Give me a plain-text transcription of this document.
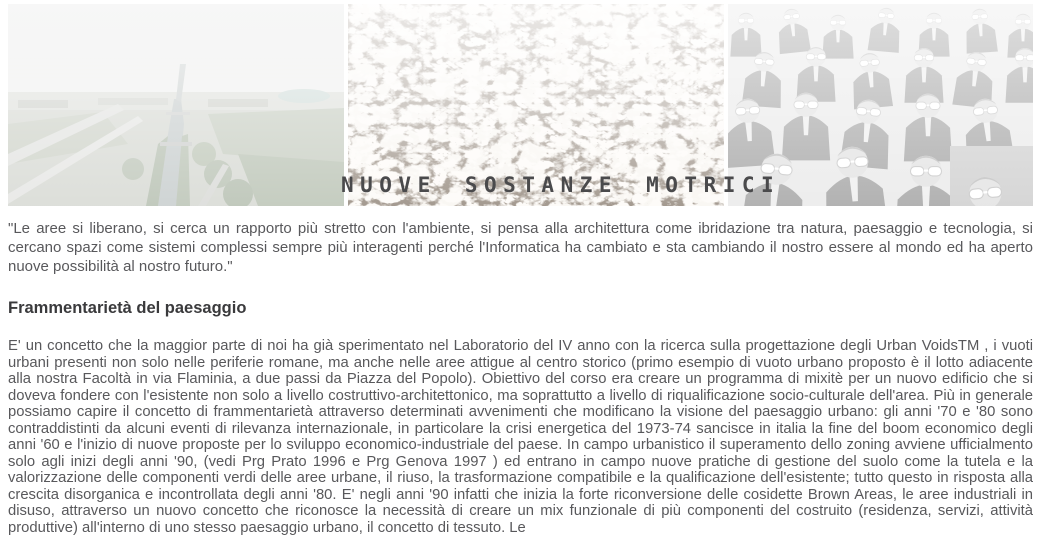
NUOVE SOSTANZE MOTRICI

"Le aree si liberano, si cerca un rapporto più stretto con l'ambiente, si pensa alla architettura come ibridazione tra natura, paesaggio e tecnologia, si cercano spazi come sistemi complessi sempre più interagenti perché l'Informatica ha cambiato e sta cambiando il nostro essere al mondo ed ha aperto nuove possibilità al nostro futuro."

Frammentarietà del paesaggio

E' un concetto che la maggior parte di noi ha già sperimentato nel Laboratorio del IV anno con la ricerca sulla progettazione degli Urban VoidsTM , i vuoti urbani presenti non solo nelle periferie romane, ma anche nelle aree attigue al centro storico (primo esempio di vuoto urbano proposto è il lotto adiacente alla nostra Facoltà in via Flaminia, a due passi da Piazza del Popolo). Obiettivo del corso era creare un programma di mixitè per un nuovo edificio che si doveva fondere con l'esistente non solo a livello costruttivo-architettonico, ma soprattutto a livello di riqualificazione socio-culturale dell'area. Più in generale possiamo capire il concetto di frammentarietà attraverso determinati avvenimenti che modificano la visione del paesaggio urbano: gli anni '70 e '80 sono contraddistinti da alcuni eventi di rilevanza internazionale, in particolare la crisi energetica del 1973-74 sancisce in italia la fine del boom economico degli anni '60 e l'inizio di nuove proposte per lo sviluppo economico-industriale del paese. In campo urbanistico il superamento dello zoning avviene ufficialmento solo agli inizi degli anni '90, (vedi Prg Prato 1996 e Prg Genova 1997 ) ed entrano in campo nuove pratiche di gestione del suolo come la tutela e la valorizzazione delle componenti verdi delle aree urbane, il riuso, la trasformazione compatibile e la qualificazione dell'esistente; tutto questo in risposta alla crescita disorganica e incontrollata degli anni '80. E' negli anni '90 infatti che inizia la forte riconversione delle cosidette Brown Areas, le aree industriali in disuso, attraverso un nuovo concetto che riconosce la necessità di creare un mix funzionale di più componenti del costruito (residenza, servizi, attività produttive) all'interno di uno stesso paesaggio urbano, il concetto di tessuto. Le
